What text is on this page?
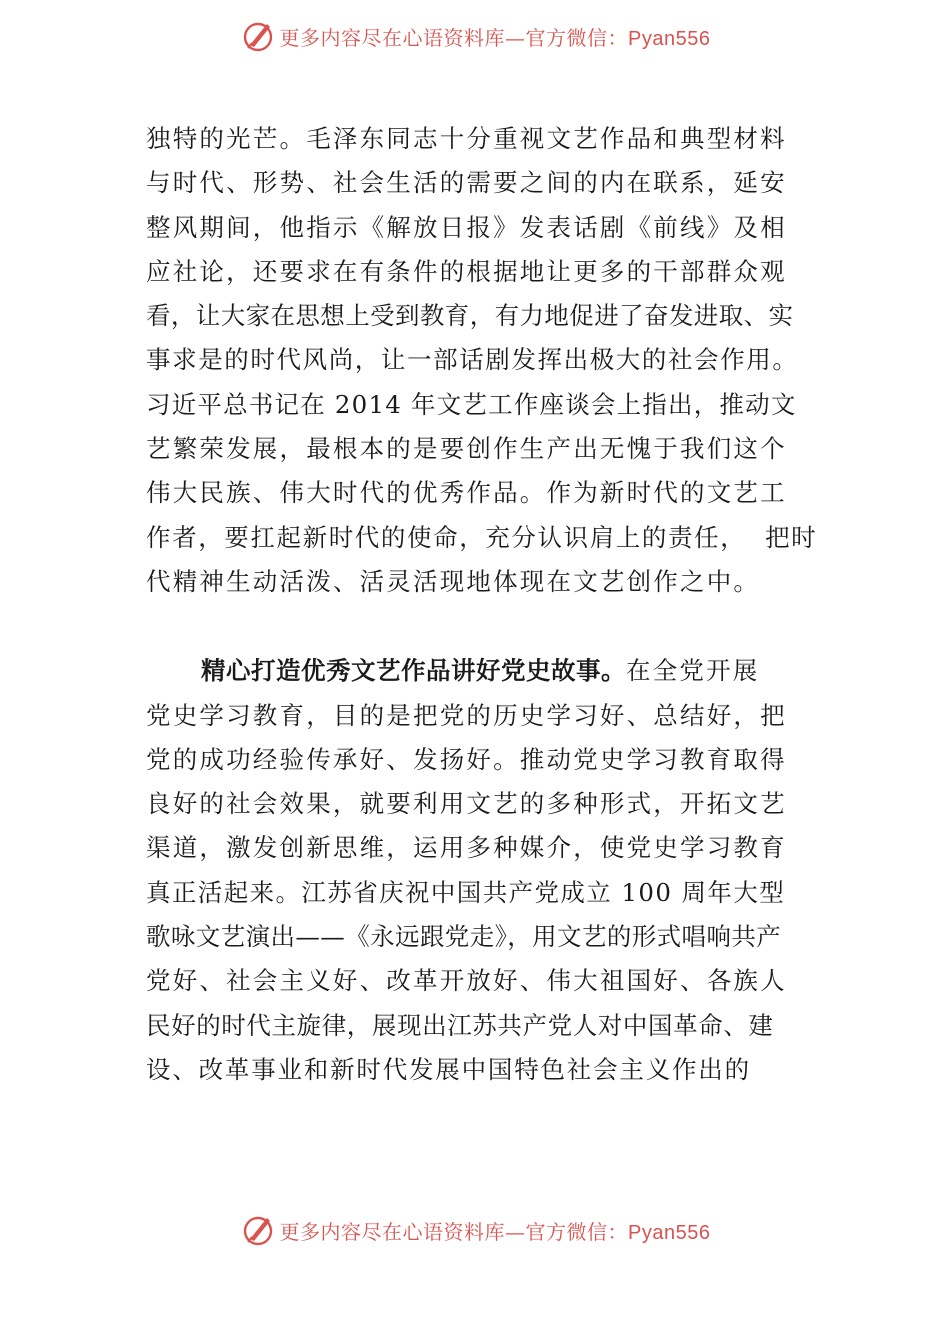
更多内容尽在心语资料库—官方微信：Pyan556
独特的光芒。毛泽东同志十分重视文艺作品和典型材料
与时代、形势、社会生活的需要之间的内在联系，延安
整风期间，他指示《解放日报》发表话剧《前线》及相
应社论，还要求在有条件的根据地让更多的干部群众观
看，让大家在思想上受到教育，有力地促进了奋发进取、实
事求是的时代风尚，让一部话剧发挥出极大的社会作用。
习近平总书记在 2014 年文艺工作座谈会上指出，推动文
艺繁荣发展，最根本的是要创作生产出无愧于我们这个
伟大民族、伟大时代的优秀作品。作为新时代的文艺工
作者，要扛起新时代的使命，充分认识肩上的责任，  把时
代精神生动活泼、活灵活现地体现在文艺创作之中。
精心打造优秀文艺作品讲好党史故事。在全党开展
党史学习教育，目的是把党的历史学习好、总结好，把
党的成功经验传承好、发扬好。推动党史学习教育取得
良好的社会效果，就要利用文艺的多种形式，开拓文艺
渠道，激发创新思维，运用多种媒介，使党史学习教育
真正活起来。江苏省庆祝中国共产党成立 100 周年大型
歌咏文艺演出——《永远跟党走》，用文艺的形式唱响共产
党好、社会主义好、改革开放好、伟大祖国好、各族人
民好的时代主旋律，展现出江苏共产党人对中国革命、建
设、改革事业和新时代发展中国特色社会主义作出的
更多内容尽在心语资料库—官方微信：Pyan556
